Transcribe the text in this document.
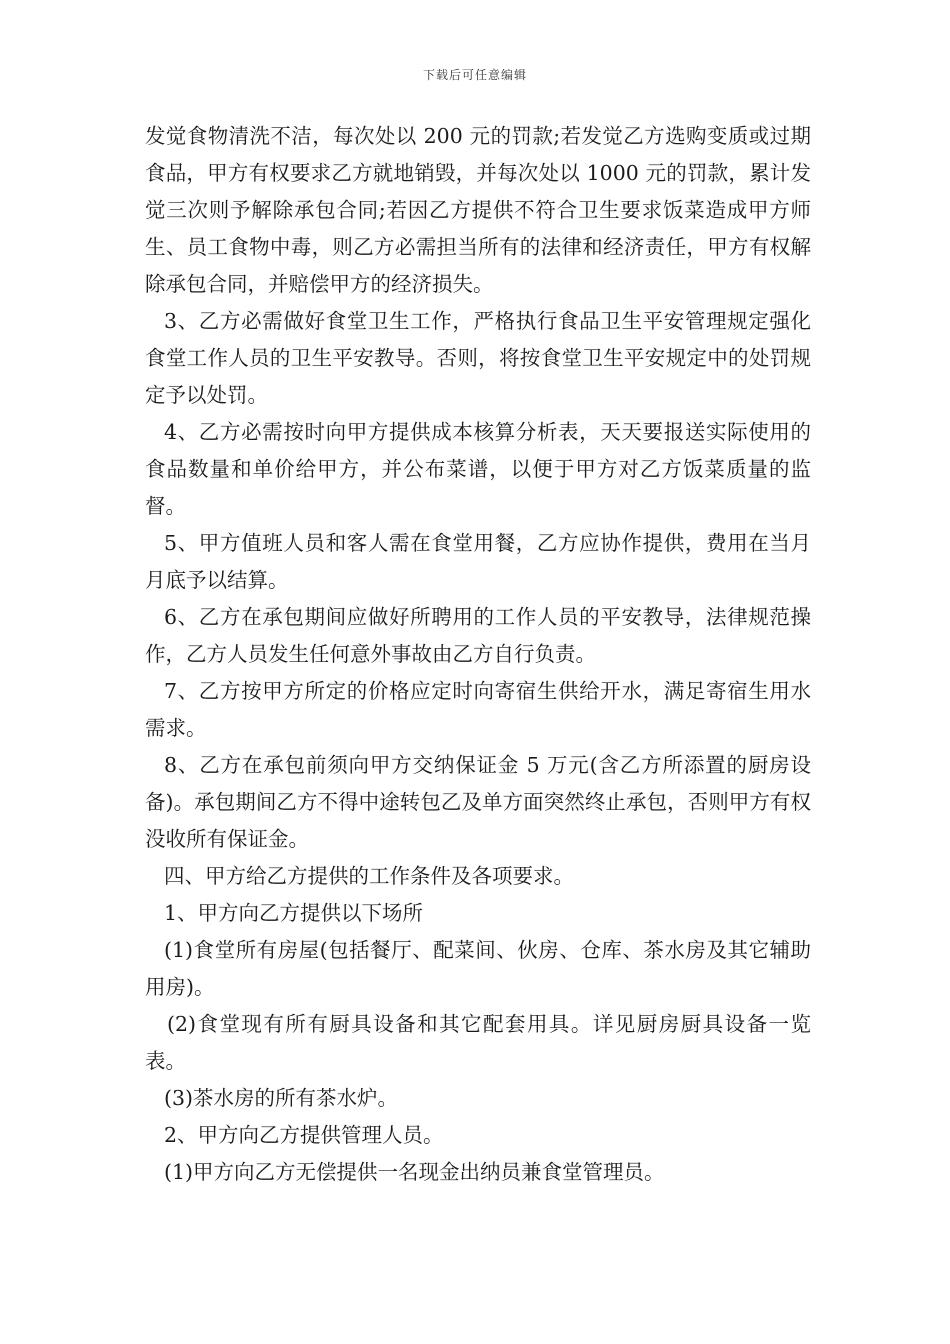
下载后可任意编辑

发觉食物清洗不洁，每次处以 200 元的罚款;若发觉乙方选购变质或过期食品，甲方有权要求乙方就地销毁，并每次处以 1000 元的罚款，累计发觉三次则予解除承包合同;若因乙方提供不符合卫生要求饭菜造成甲方师生、员工食物中毒，则乙方必需担当所有的法律和经济责任，甲方有权解除承包合同，并赔偿甲方的经济损失。

3、乙方必需做好食堂卫生工作，严格执行食品卫生平安管理规定强化食堂工作人员的卫生平安教导。否则，将按食堂卫生平安规定中的处罚规定予以处罚。

4、乙方必需按时向甲方提供成本核算分析表，天天要报送实际使用的食品数量和单价给甲方，并公布菜谱，以便于甲方对乙方饭菜质量的监督。

5、甲方值班人员和客人需在食堂用餐，乙方应协作提供，费用在当月月底予以结算。

6、乙方在承包期间应做好所聘用的工作人员的平安教导，法律规范操作，乙方人员发生任何意外事故由乙方自行负责。

7、乙方按甲方所定的价格应定时向寄宿生供给开水，满足寄宿生用水需求。

8、乙方在承包前须向甲方交纳保证金 5 万元(含乙方所添置的厨房设备)。承包期间乙方不得中途转包乙及单方面突然终止承包，否则甲方有权没收所有保证金。

四、甲方给乙方提供的工作条件及各项要求。

1、甲方向乙方提供以下场所

(1)食堂所有房屋(包括餐厅、配菜间、伙房、仓库、茶水房及其它辅助用房)。

(2)食堂现有所有厨具设备和其它配套用具。详见厨房厨具设备一览表。

(3)茶水房的所有茶水炉。

2、甲方向乙方提供管理人员。

(1)甲方向乙方无偿提供一名现金出纳员兼食堂管理员。
